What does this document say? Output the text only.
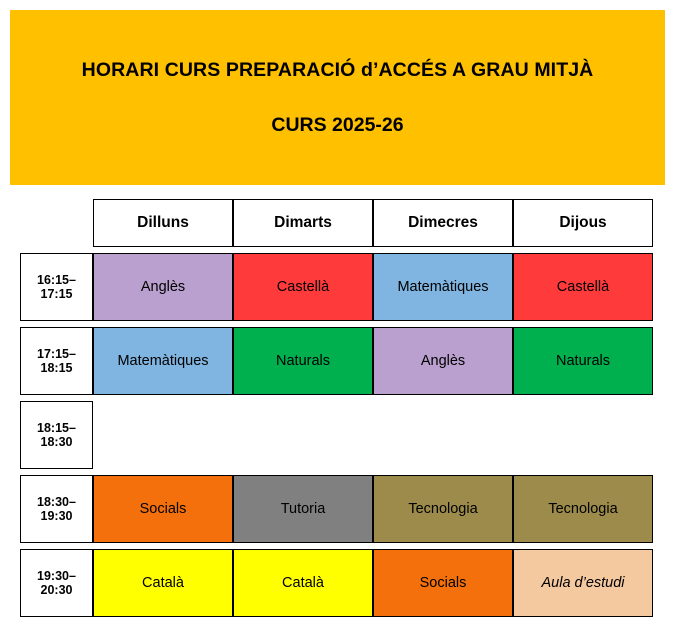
HORARI CURS PREPARACIÓ d’ACCÉS A GRAU MITJÀ
CURS 2025-26

Dilluns	Dimarts	Dimecres	Dijous

16:15–
17:15	Anglès	Castellà	Matemàtiques	Castellà

17:15–
18:15	Matemàtiques	Naturals	Anglès	Naturals

18:15–
18:30				

18:30–
19:30	Socials	Tutoria	Tecnologia	Tecnologia

19:30–
20:30	Català	Català	Socials	Aula d’estudi
